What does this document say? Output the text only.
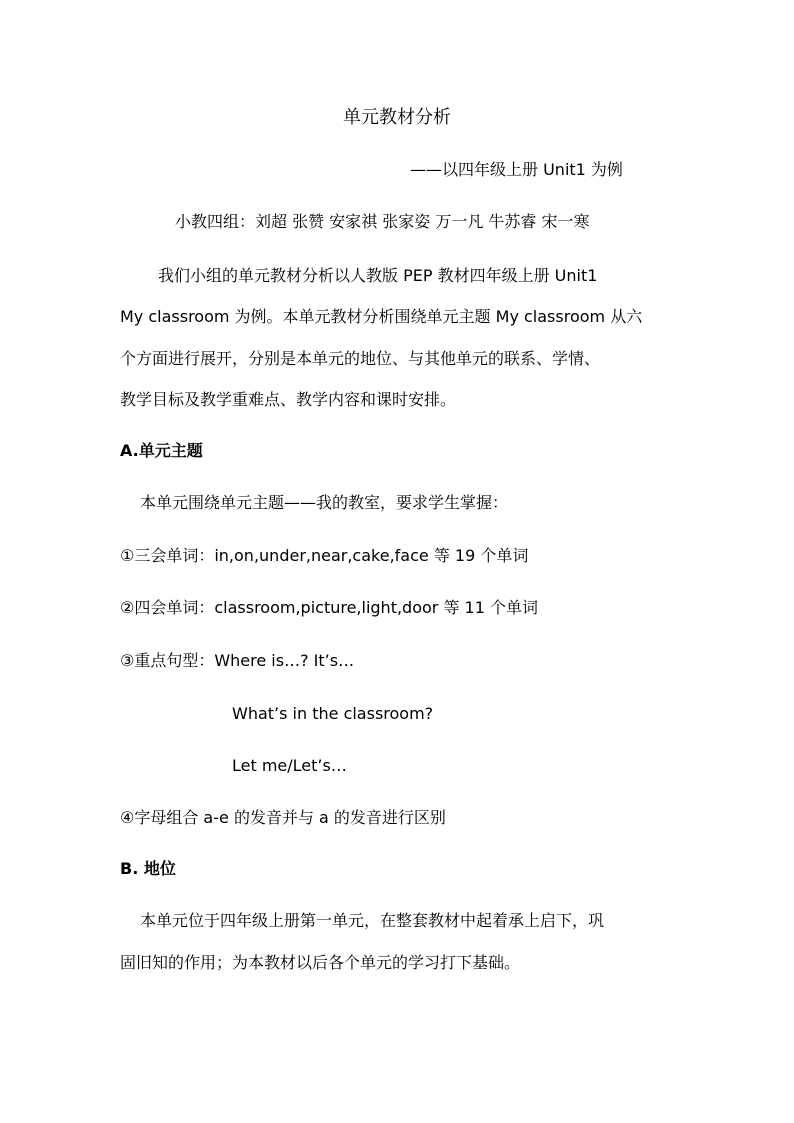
单元教材分析
——以四年级上册 Unit1 为例
小教四组：刘超 张赞 安家祺 张家姿 万一凡 牛苏睿 宋一寒
我们小组的单元教材分析以人教版 PEP 教材四年级上册 Unit1
My classroom 为例。本单元教材分析围绕单元主题 My classroom 从六
个方面进行展开，分别是本单元的地位、与其他单元的联系、学情、
教学目标及教学重难点、教学内容和课时安排。
A.单元主题
本单元围绕单元主题——我的教室，要求学生掌握：
①三会单词：in,on,under,near,cake,face 等 19 个单词
②四会单词：classroom,picture,light,door 等 11 个单词
③重点句型：Where is…? It’s…
What’s in the classroom?
Let me/Let’s…
④字母组合 a-e 的发音并与 a 的发音进行区别
B. 地位
本单元位于四年级上册第一单元，在整套教材中起着承上启下，巩
固旧知的作用；为本教材以后各个单元的学习打下基础。
